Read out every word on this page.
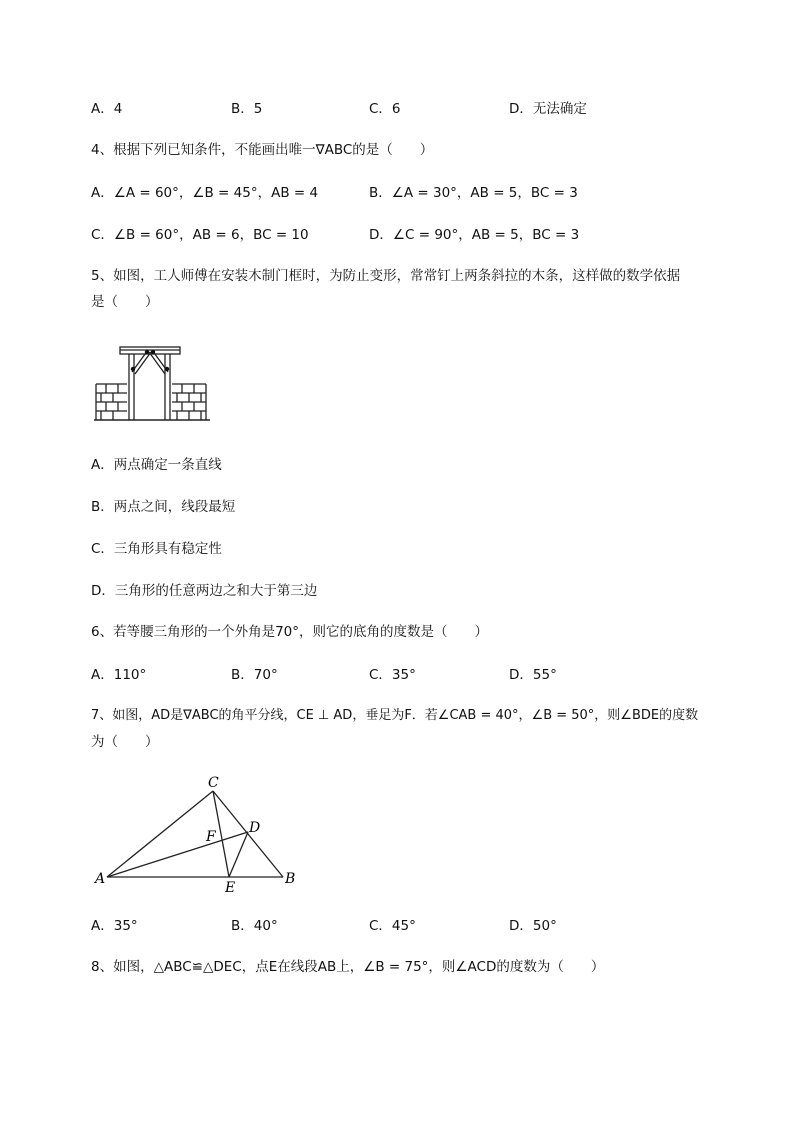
A．4	B．5	C．6	D．无法确定
4、根据下列已知条件，不能画出唯一∇ABC的是（　　）
A．∠A = 60°，∠B = 45°，AB = 4	B．∠A = 30°，AB = 5，BC = 3
C．∠B = 60°，AB = 6，BC = 10	D．∠C = 90°，AB = 5，BC = 3
5、如图，工人师傅在安装木制门框时，为防止变形，常常钉上两条斜拉的木条，这样做的数学依据
是（　　）
A．两点确定一条直线
B．两点之间，线段最短
C．三角形具有稳定性
D．三角形的任意两边之和大于第三边
6、若等腰三角形的一个外角是70°，则它的底角的度数是（　　）
A．110°	B．70°	C．35°	D．55°
7、如图，AD是∇ABC的角平分线，CE ⊥ AD，垂足为F．若∠CAB = 40°，∠B = 50°，则∠BDE的度数
为（　　）
C
A	B
D
F
E
A．35°	B．40°	C．45°	D．50°
8、如图，△ABC≌△DEC，点E在线段AB上，∠B = 75°，则∠ACD的度数为（　　）
